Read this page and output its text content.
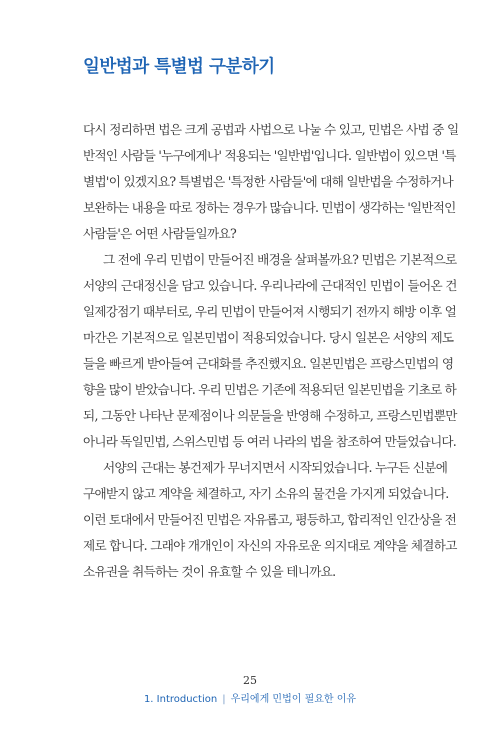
일반법과 특별법 구분하기

다시 정리하면 법은 크게 공법과 사법으로 나눌 수 있고, 민법은 사법 중 일

반적인 사람들 '누구에게나' 적용되는 '일반법'입니다. 일반법이 있으면 '특

별법'이 있겠지요? 특별법은 '특정한 사람들'에 대해 일반법을 수정하거나

보완하는 내용을 따로 정하는 경우가 많습니다. 민법이 생각하는 '일반적인

사람들'은 어떤 사람들일까요?

그 전에 우리 민법이 만들어진 배경을 살펴볼까요? 민법은 기본적으로

서양의 근대정신을 담고 있습니다. 우리나라에 근대적인 민법이 들어온 건

일제강점기 때부터로, 우리 민법이 만들어져 시행되기 전까지 해방 이후 얼

마간은 기본적으로 일본민법이 적용되었습니다. 당시 일본은 서양의 제도

들을 빠르게 받아들여 근대화를 추진했지요. 일본민법은 프랑스민법의 영

향을 많이 받았습니다. 우리 민법은 기존에 적용되던 일본민법을 기초로 하

되, 그동안 나타난 문제점이나 의문들을 반영해 수정하고, 프랑스민법뿐만

아니라 독일민법, 스위스민법 등 여러 나라의 법을 참조하여 만들었습니다.

서양의 근대는 봉건제가 무너지면서 시작되었습니다. 누구든 신분에

구애받지 않고 계약을 체결하고, 자기 소유의 물건을 가지게 되었습니다.

이런 토대에서 만들어진 민법은 자유롭고, 평등하고, 합리적인 인간상을 전

제로 합니다. 그래야 개개인이 자신의 자유로운 의지대로 계약을 체결하고

소유권을 취득하는 것이 유효할 수 있을 테니까요.

25
1. Introduction | 우리에게 민법이 필요한 이유
